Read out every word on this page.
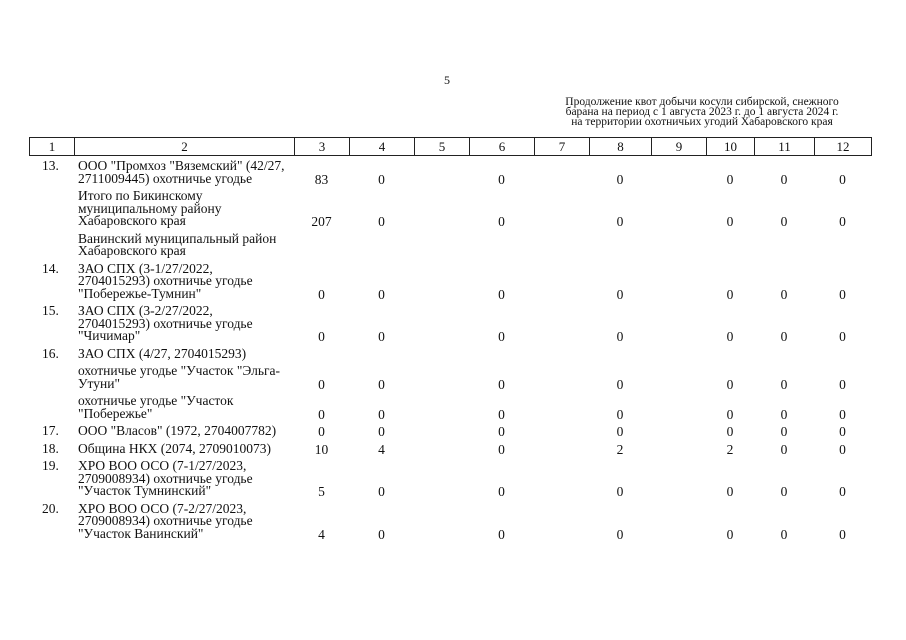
5
Продолжение квот добычи косули сибирской, снежного
барана на период с 1 августа 2023 г. до 1 августа 2024 г.
на территории охотничьих угодий Хабаровского края
1	2	3	4	5	6	7	8	9	10	11	12
13.	ООО "Промхоз "Вяземский" (42/27, 2711009445) охотничье угодье	83	0		0		0		0	0	0
	Итого по Бикинскому муниципальному району Хабаровского края	207	0		0		0		0	0	0
	Ванинский муниципальный район Хабаровского края										
14.	ЗАО СПХ (3-1/27/2022, 2704015293) охотничье угодье "Побережье-Тумнин"	0	0		0		0		0	0	0
15.	ЗАО СПХ (3-2/27/2022, 2704015293) охотничье угодье "Чичимар"	0	0		0		0		0	0	0
16.	ЗАО СПХ (4/27, 2704015293)										
	охотничье угодье "Участок "Эльга-Утуни"	0	0		0		0		0	0	0
	охотничье угодье "Участок "Побережье"	0	0		0		0		0	0	0
17.	ООО "Власов" (1972, 2704007782)	0	0		0		0		0	0	0
18.	Община НКХ (2074, 2709010073)	10	4		0		2		2	0	0
19.	ХРО ВОО ОСО (7-1/27/2023, 2709008934) охотничье угодье "Участок Тумнинский"	5	0		0		0		0	0	0
20.	ХРО ВОО ОСО (7-2/27/2023, 2709008934) охотничье угодье "Участок Ванинский"	4	0		0		0		0	0	0
